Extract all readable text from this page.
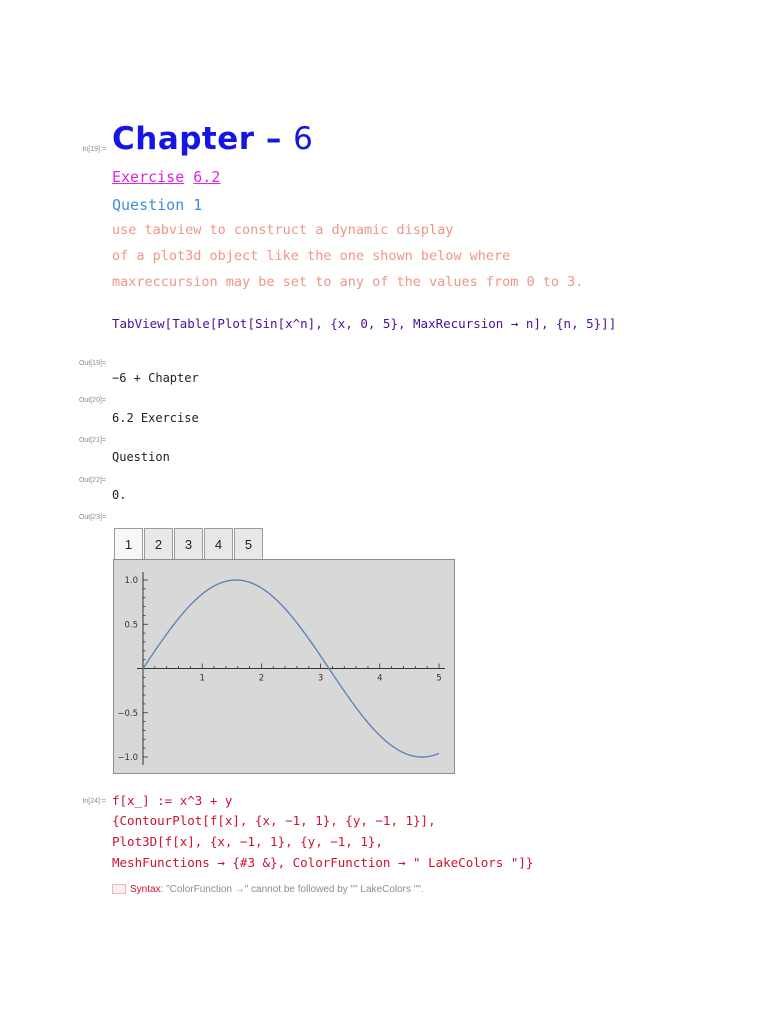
In[19]:=
Out[19]=
Out[20]=
Out[21]=
Out[22]=
Out[23]=
In[24]:=
Chapter – 6
Exercise 6.2
Question 1
use tabview to construct a dynamic display
of a plot3d object like the one shown below where
maxreccursion may be set to any of the values from 0 to 3.
TabView[Table[Plot[Sin[x^n], {x, 0, 5}, MaxRecursion → n], {n, 5}]]
−6 + Chapter
6.2 Exercise
Question
0.
1	2	3	4	5
1	2	3	4	5
−1.0
−0.5
0.5
1.0
f[x_] := x^3 + y
{ContourPlot[f[x], {x, −1, 1}, {y, −1, 1}],
Plot3D[f[x], {x, −1, 1}, {y, −1, 1},
MeshFunctions → {#3 &}, ColorFunction → " LakeColors "]}
Syntax: "ColorFunction →" cannot be followed by "" LakeColors "".
